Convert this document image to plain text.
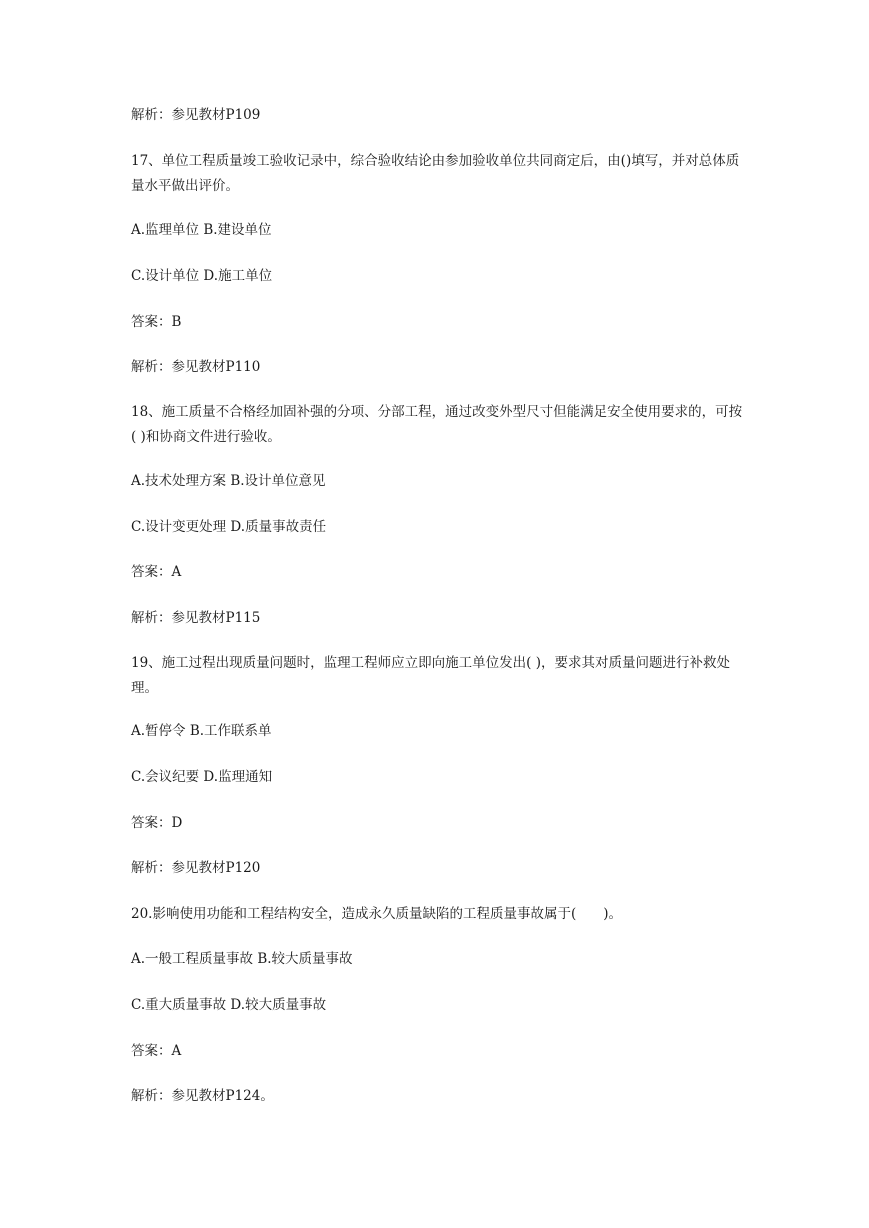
解析：参见教材P109
17、单位工程质量竣工验收记录中，综合验收结论由参加验收单位共同商定后，由()填写，并对总体质量水平做出评价。
A.监理单位 B.建设单位
C.设计单位 D.施工单位
答案：B
解析：参见教材P110
18、施工质量不合格经加固补强的分项、分部工程，通过改变外型尺寸但能满足安全使用要求的，可按( )和协商文件进行验收。
A.技术处理方案 B.设计单位意见
C.设计变更处理 D.质量事故责任
答案：A
解析：参见教材P115
19、施工过程出现质量问题时，监理工程师应立即向施工单位发出( )，要求其对质量问题进行补救处理。
A.暂停令 B.工作联系单
C.会议纪要 D.监理通知
答案：D
解析：参见教材P120
20.影响使用功能和工程结构安全，造成永久质量缺陷的工程质量事故属于(　　)。
A.一般工程质量事故 B.较大质量事故
C.重大质量事故 D.较大质量事故
答案：A
解析：参见教材P124。
